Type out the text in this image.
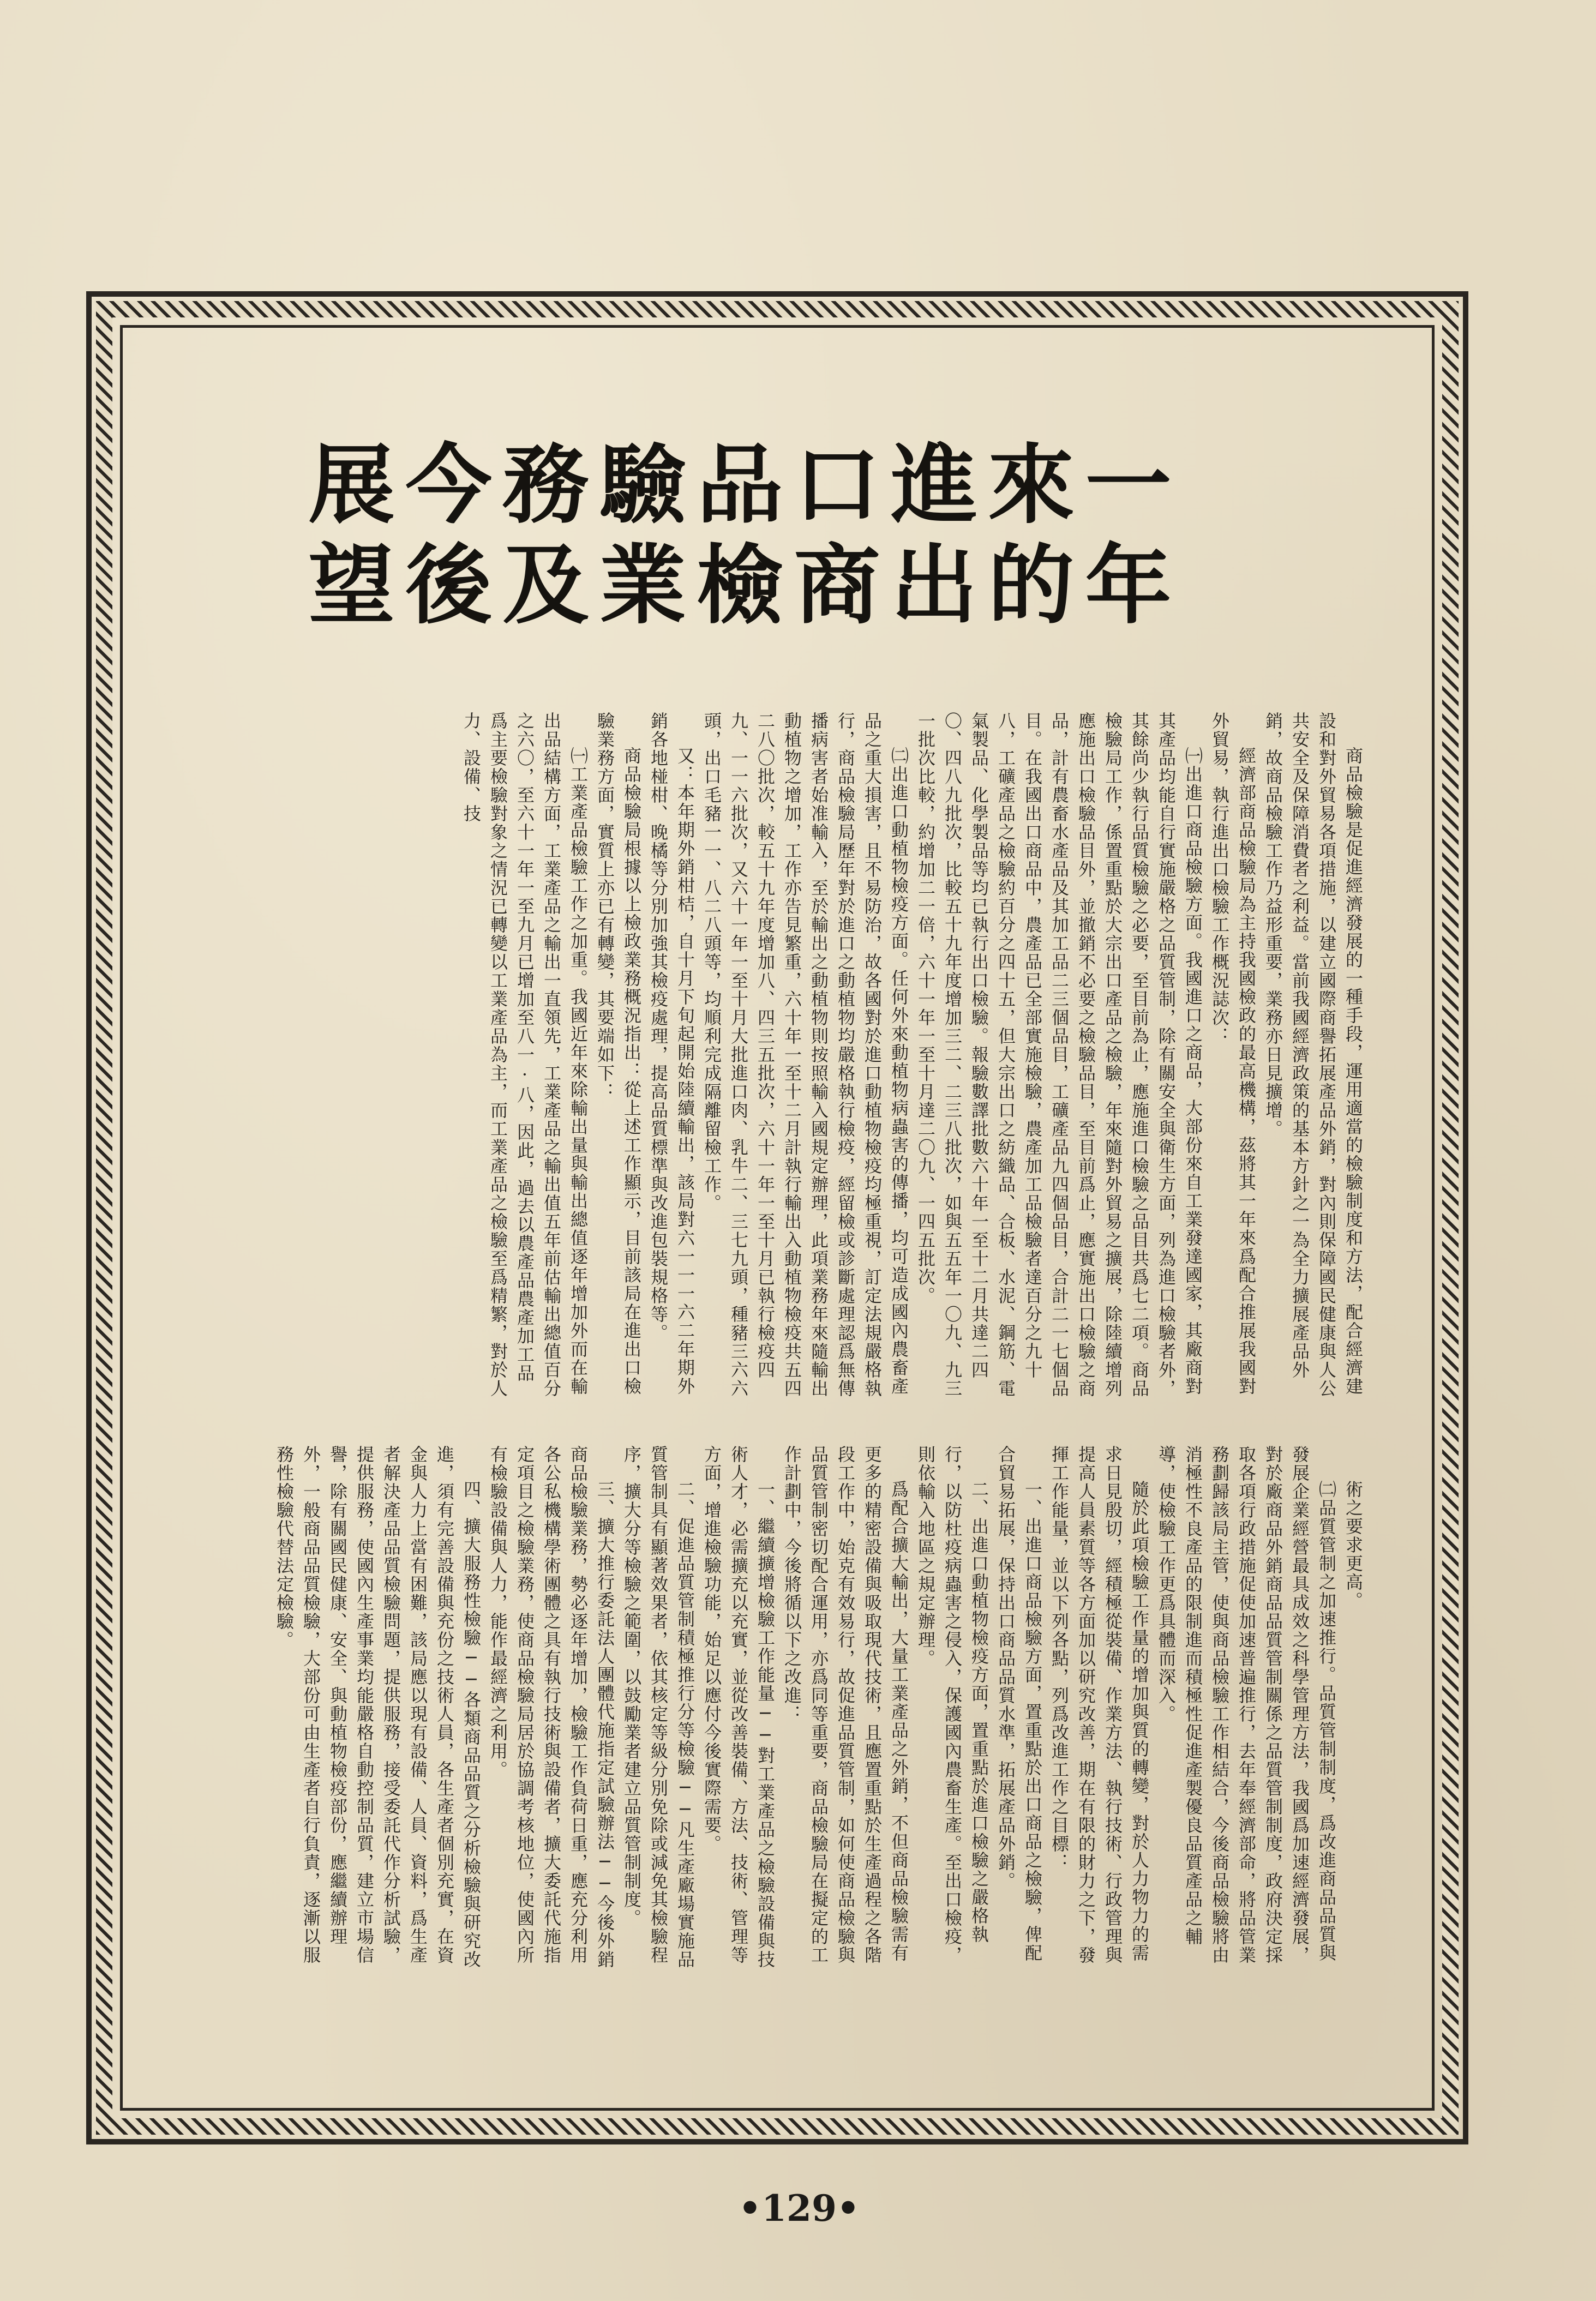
一年
來的
進出
口商
品檢
驗業
務及
今後
展望

商品檢驗是促進經濟發展的一種手段，運用適當的檢驗制度和方法，配合經濟建設和對外貿易各項措施，以建立國際商譽拓展產品外銷，對內則保障國民健康與人公共安全及保障消費者之利益。當前我國經濟政策的基本方針之一為全力擴展產品外銷，故商品檢驗工作乃益形重要，業務亦日見擴增。

經濟部商品檢驗局為主持我國檢政的最高機構，茲將其一年來爲配合推展我國對外貿易，執行進出口檢驗工作概況誌次：

㈠出進口商品檢驗方面。我國進口之商品，大部份來自工業發達國家，其廠商對其產品均能自行實施嚴格之品質管制，除有關安全與衛生方面，列為進口檢驗者外，其餘尚少執行品質檢驗之必要，至目前為止，應施進口檢驗之品目共爲七二項。商品檢驗局工作，係置重點於大宗出口產品之檢驗，年來隨對外貿易之擴展，除陸續增列應施出口檢驗品目外，並撤銷不必要之檢驗品目，至目前爲止，應實施出口檢驗之商品，計有農畜水產品及其加工品二三個品目，工礦產品九四個品目，合計二一七個品目。在我國出口商品中，農產品已全部實施檢驗，農產加工品檢驗者達百分之九十八，工礦產品之檢驗約百分之四十五，但大宗出口之紡織品、合板、水泥、鋼筋、電氣製品、化學製品等均已執行出口檢驗。報驗數譯批數六十年一至十二月共達二四〇、四八九批次，比較五十九年度增加三二、二三八批次，如與五五年一〇九、九三一批次比較，約增加二一倍，六十一年一至十月達二〇九、一四五批次。

㈡出進口動植物檢疫方面。任何外來動植物病蟲害的傳播，均可造成國內農畜產品之重大損害，且不易防治，故各國對於進口動植物檢疫均極重視，訂定法規嚴格執行，商品檢驗局歷年對於進口之動植物均嚴格執行檢疫，經留檢或診斷處理認爲無傳播病害者始准輸入，至於輸出之動植物則按照輸入國規定辦理，此項業務年來隨輸出動植物之增加，工作亦告見繁重，六十年一至十二月計執行輸出入動植物檢疫共五四二八〇批次，較五十九年度增加八、四三五批次，六十一年一至十月已執行檢疫四九、一一六批次，又六十一年一至十月大批進口肉、乳牛二、三七九頭，種豬三六六頭，出口毛豬一一、八二八頭等，均順利完成隔離留檢工作。

又：本年期外銷柑桔，自十月下旬起開始陸續輸出，該局對六一一一六二年期外銷各地椪柑、晚橘等分別加強其檢疫處理，提高品質標準與改進包裝規格等。

商品檢驗局根據以上檢政業務概況指出：從上述工作顯示，目前該局在進出口檢驗業務方面，實質上亦已有轉變，其要端如下：

㈠工業產品檢驗工作之加重。我國近年來除輸出量與輸出總值逐年增加外而在輸出品結構方面，工業產品之輸出一直領先，工業產品之輸出值五年前估輸出總值百分之六〇，至六十一年一至九月已增加至八一·八，因此，過去以農產品農產加工品爲主要檢驗對象之情況已轉變以工業產品為主，而工業產品之檢驗至爲精繁，對於人力、設備、技

術之要求更高。

㈡品質管制之加速推行。品質管制制度，爲改進商品品質與發展企業經營最具成效之科學管理方法，我國爲加速經濟發展，對於廠商品外銷商品品質管制關係之品質管制制度，政府決定採取各項行政措施促使加速普遍推行，去年奉經濟部命，將品管業務劃歸該局主管，使與商品檢驗工作相結合，今後商品檢驗將由消極性不良產品的限制進而積極性促進產製優良品質產品之輔導，使檢驗工作更爲具體而深入。

隨於此項檢驗工作量的增加與質的轉變，對於人力物力的需求日見殷切，經積極從裝備、作業方法、執行技術、行政管理與提高人員素質等各方面加以研究改善，期在有限的財力之下，發揮工作能量，並以下列各點，列爲改進工作之目標：

一、出進口商品檢驗方面，置重點於出口商品之檢驗，俾配合貿易拓展，保持出口商品品質水準，拓展產品外銷。

二、出進口動植物檢疫方面，置重點於進口檢驗之嚴格執行，以防杜疫病蟲害之侵入，保護國內農畜生產。至出口檢疫，則依輸入地區之規定辦理。

爲配合擴大輸出，大量工業產品之外銷，不但商品檢驗需有更多的精密設備與吸取現代技術，且應置重點於生產過程之各階段工作中，始克有效易行，故促進品質管制，如何使商品檢驗與品質管制密切配合運用，亦爲同等重要，商品檢驗局在擬定的工作計劃中，今後將循以下之改進：

一、繼續擴增檢驗工作能量──對工業產品之檢驗設備與技術人才，必需擴充以充實，並從改善裝備、方法、技術、管理等方面，增進檢驗功能，始足以應付今後實際需要。

二、促進品質管制積極推行分等檢驗──凡生產廠場實施品質管制具有顯著效果者，依其核定等級分別免除或減免其檢驗程序，擴大分等檢驗之範圍，以鼓勵業者建立品質管制制度。

三、擴大推行委託法人團體代施指定試驗辦法──今後外銷商品檢驗業務，勢必逐年增加，檢驗工作負荷日重，應充分利用各公私機構學術團體之具有執行技術與設備者，擴大委託代施指定項目之檢驗業務，使商品檢驗局居於協調考核地位，使國內所有檢驗設備與人力，能作最經濟之利用。

四、擴大服務性檢驗──各類商品品質之分析檢驗與研究改進，須有完善設備與充份之技術人員，各生產者個別充實，在資金與人力上當有困難，該局應以現有設備、人員、資料，爲生產者解決產品品質檢驗問題，提供服務，接受委託代作分析試驗，提供服務，使國內生產事業均能嚴格自動控制品質，建立市場信譽，除有關國民健康、安全、與動植物檢疫部份，應繼續辦理外，一般商品品質檢驗，大部份可由生產者自行負責，逐漸以服務性檢驗代替法定檢驗。

•129•
